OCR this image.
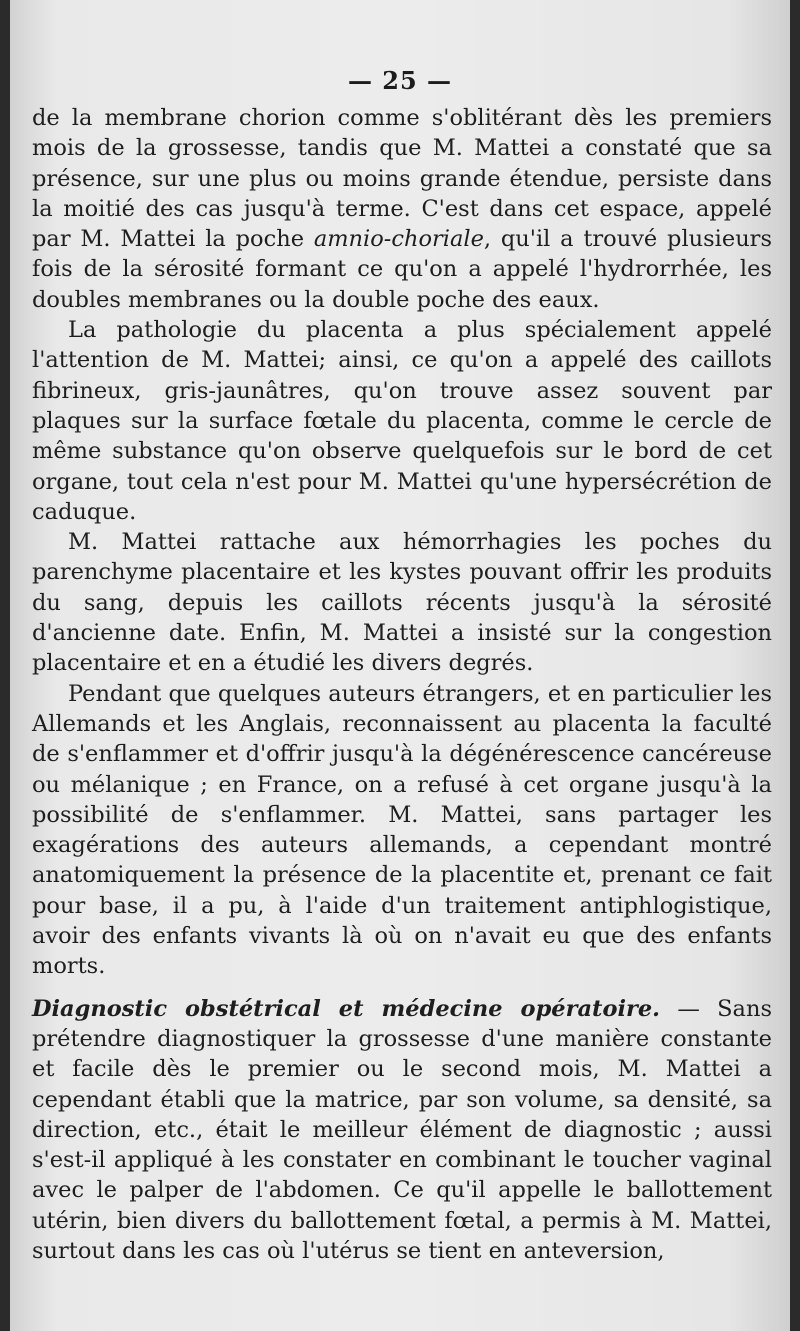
— 25 —

de la membrane chorion comme s'oblitérant dès les premiers mois de la grossesse, tandis que M. Mattei a constaté que sa présence, sur une plus ou moins grande étendue, persiste dans la moitié des cas jusqu'à terme. C'est dans cet espace, appelé par M. Mattei la poche amnio-choriale, qu'il a trouvé plusieurs fois de la sérosité formant ce qu'on a appelé l'hydrorrhée, les doubles membranes ou la double poche des eaux.

La pathologie du placenta a plus spécialement appelé l'attention de M. Mattei; ainsi, ce qu'on a appelé des caillots fibrineux, gris-jaunâtres, qu'on trouve assez souvent par plaques sur la surface fœtale du placenta, comme le cercle de même substance qu'on observe quelquefois sur le bord de cet organe, tout cela n'est pour M. Mattei qu'une hypersécrétion de caduque.

M. Mattei rattache aux hémorrhagies les poches du parenchyme placentaire et les kystes pouvant offrir les produits du sang, depuis les caillots récents jusqu'à la sérosité d'ancienne date. Enfin, M. Mattei a insisté sur la congestion placentaire et en a étudié les divers degrés.

Pendant que quelques auteurs étrangers, et en particulier les Allemands et les Anglais, reconnaissent au placenta la faculté de s'enflammer et d'offrir jusqu'à la dégénérescence cancéreuse ou mélanique ; en France, on a refusé à cet organe jusqu'à la possibilité de s'enflammer. M. Mattei, sans partager les exagérations des auteurs allemands, a cependant montré anatomiquement la présence de la placentite et, prenant ce fait pour base, il a pu, à l'aide d'un traitement antiphlogistique, avoir des enfants vivants là où on n'avait eu que des enfants morts.

Diagnostic obstétrical et médecine opératoire. — Sans prétendre diagnostiquer la grossesse d'une manière constante et facile dès le premier ou le second mois, M. Mattei a cependant établi que la matrice, par son volume, sa densité, sa direction, etc., était le meilleur élément de diagnostic ; aussi s'est-il appliqué à les constater en combinant le toucher vaginal avec le palper de l'abdomen. Ce qu'il appelle le ballottement utérin, bien divers du ballottement fœtal, a permis à M. Mattei, surtout dans les cas où l'utérus se tient en anteversion,
